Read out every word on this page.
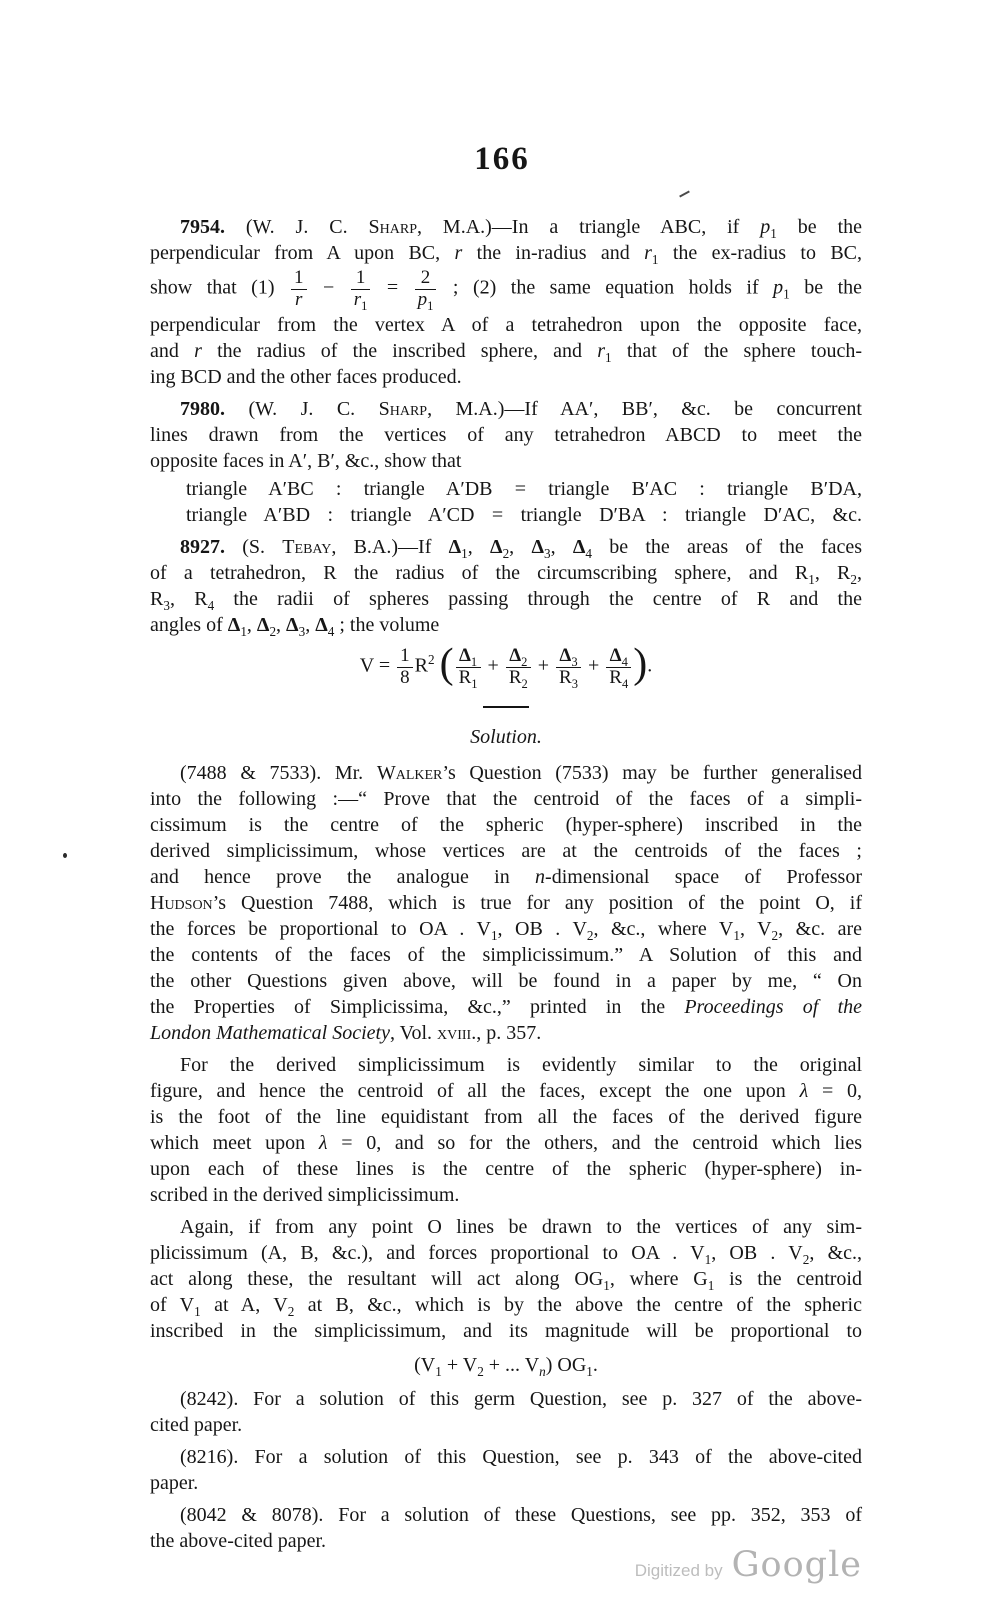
166
7954. (W. J. C. Sharp, M.A.)—In a triangle ABC, if $p_1$ be the
perpendicular from A upon BC, r the in-radius and $r_1$ the ex-radius to BC,
show that $(1) \frac{1}{r} - \frac{1}{r_1} = \frac{2}{p_1}$ ; (2) the same equation holds if $p_1$ be the
perpendicular from the vertex A of a tetrahedron upon the opposite face,
and r the radius of the inscribed sphere, and $r_1$ that of the sphere touch-
ing BCD and the other faces produced.
7980. (W. J. C. Sharp, M.A.)—If AA′, BB′, &c. be concurrent
lines drawn from the vertices of any tetrahedron ABCD to meet the
opposite faces in A′, B′, &c., show that
triangle A′BC : triangle A′DB = triangle B′AC : triangle B′DA,
triangle A′BD : triangle A′CD = triangle D′BA : triangle D′AC, &c.
8927. (S. Tebay, B.A.)—If $\Delta_1$, $\Delta_2$, $\Delta_3$, $\Delta_4$ be the areas of the faces
of a tetrahedron, R the radius of the circumscribing sphere, and $R_1$, $R_2$,
$R_3$, $R_4$ the radii of spheres passing through the centre of R and the
angles of $\Delta_1$, $\Delta_2$, $\Delta_3$, $\Delta_4$ ; the volume
$V = \frac{1}{8} R^2$ ( $\frac{\Delta_1}{R_1} + \frac{\Delta_2}{R_2} + \frac{\Delta_3}{R_3} + \frac{\Delta_4}{R_4}$ ).
Solution.
(7488 & 7533). Mr. Walker’s Question (7533) may be further generalised
into the following :—“ Prove that the centroid of the faces of a simpli-
cissimum is the centre of the spheric (hyper-sphere) inscribed in the
derived simplicissimum, whose vertices are at the centroids of the faces ;
and hence prove the analogue in n-dimensional space of Professor
Hudson’s Question 7488, which is true for any position of the point O, if
the forces be proportional to OA . $V_1$, OB . $V_2$, &c., where $V_1$, $V_2$, &c. are
the contents of the faces of the simplicissimum.” A Solution of this and
the other Questions given above, will be found in a paper by me, “ On
the Properties of Simplicissima, &c.,” printed in the Proceedings of the
London Mathematical Society, Vol. xviii., p. 357.
For the derived simplicissimum is evidently similar to the original
figure, and hence the centroid of all the faces, except the one upon λ = 0,
is the foot of the line equidistant from all the faces of the derived figure
which meet upon λ = 0, and so for the others, and the centroid which lies
upon each of these lines is the centre of the spheric (hyper-sphere) in-
scribed in the derived simplicissimum.
Again, if from any point O lines be drawn to the vertices of any sim-
plicissimum (A, B, &c.), and forces proportional to OA . $V_1$, OB . $V_2$, &c.,
act along these, the resultant will act along $OG_1$, where $G_1$ is the centroid
of $V_1$ at A, $V_2$ at B, &c., which is by the above the centre of the spheric
inscribed in the simplicissimum, and its magnitude will be proportional to
($V_1 + V_2$ + ... $V_n$) $OG_1$.
(8242). For a solution of this germ Question, see p. 327 of the above-
cited paper.
(8216). For a solution of this Question, see p. 343 of the above-cited
paper.
(8042 & 8078). For a solution of these Questions, see pp. 352, 353 of
the above-cited paper.
Digitized by Google
